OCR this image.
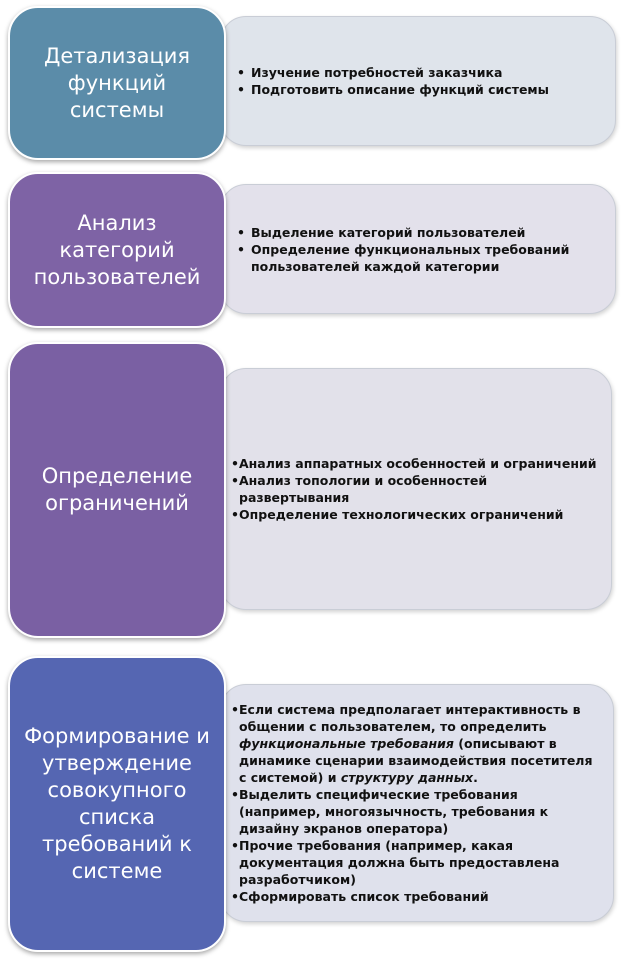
• Изучение потребностей заказчика
• Подготовить описание функций системы
Детализация функций системы
• Выделение категорий пользователей
• Определение функциональных требований пользователей каждой категории
Анализ категорий пользователей
• Анализ аппаратных особенностей и ограничений
• Анализ топологии и особенностей развертывания
• Определение технологических ограничений
Определение ограничений
• Если система предполагает интерактивность в общении с пользователем, то определить функциональные требования (описывают в динамике сценарии взаимодействия посетителя с системой) и структуру данных.
• Выделить специфические требования (например, многоязычность, требования к дизайну экранов оператора)
• Прочие требования (например, какая документация должна быть предоставлена разработчиком)
• Сформировать список требований
Формирование и утверждение совокупного списка требований к системе
